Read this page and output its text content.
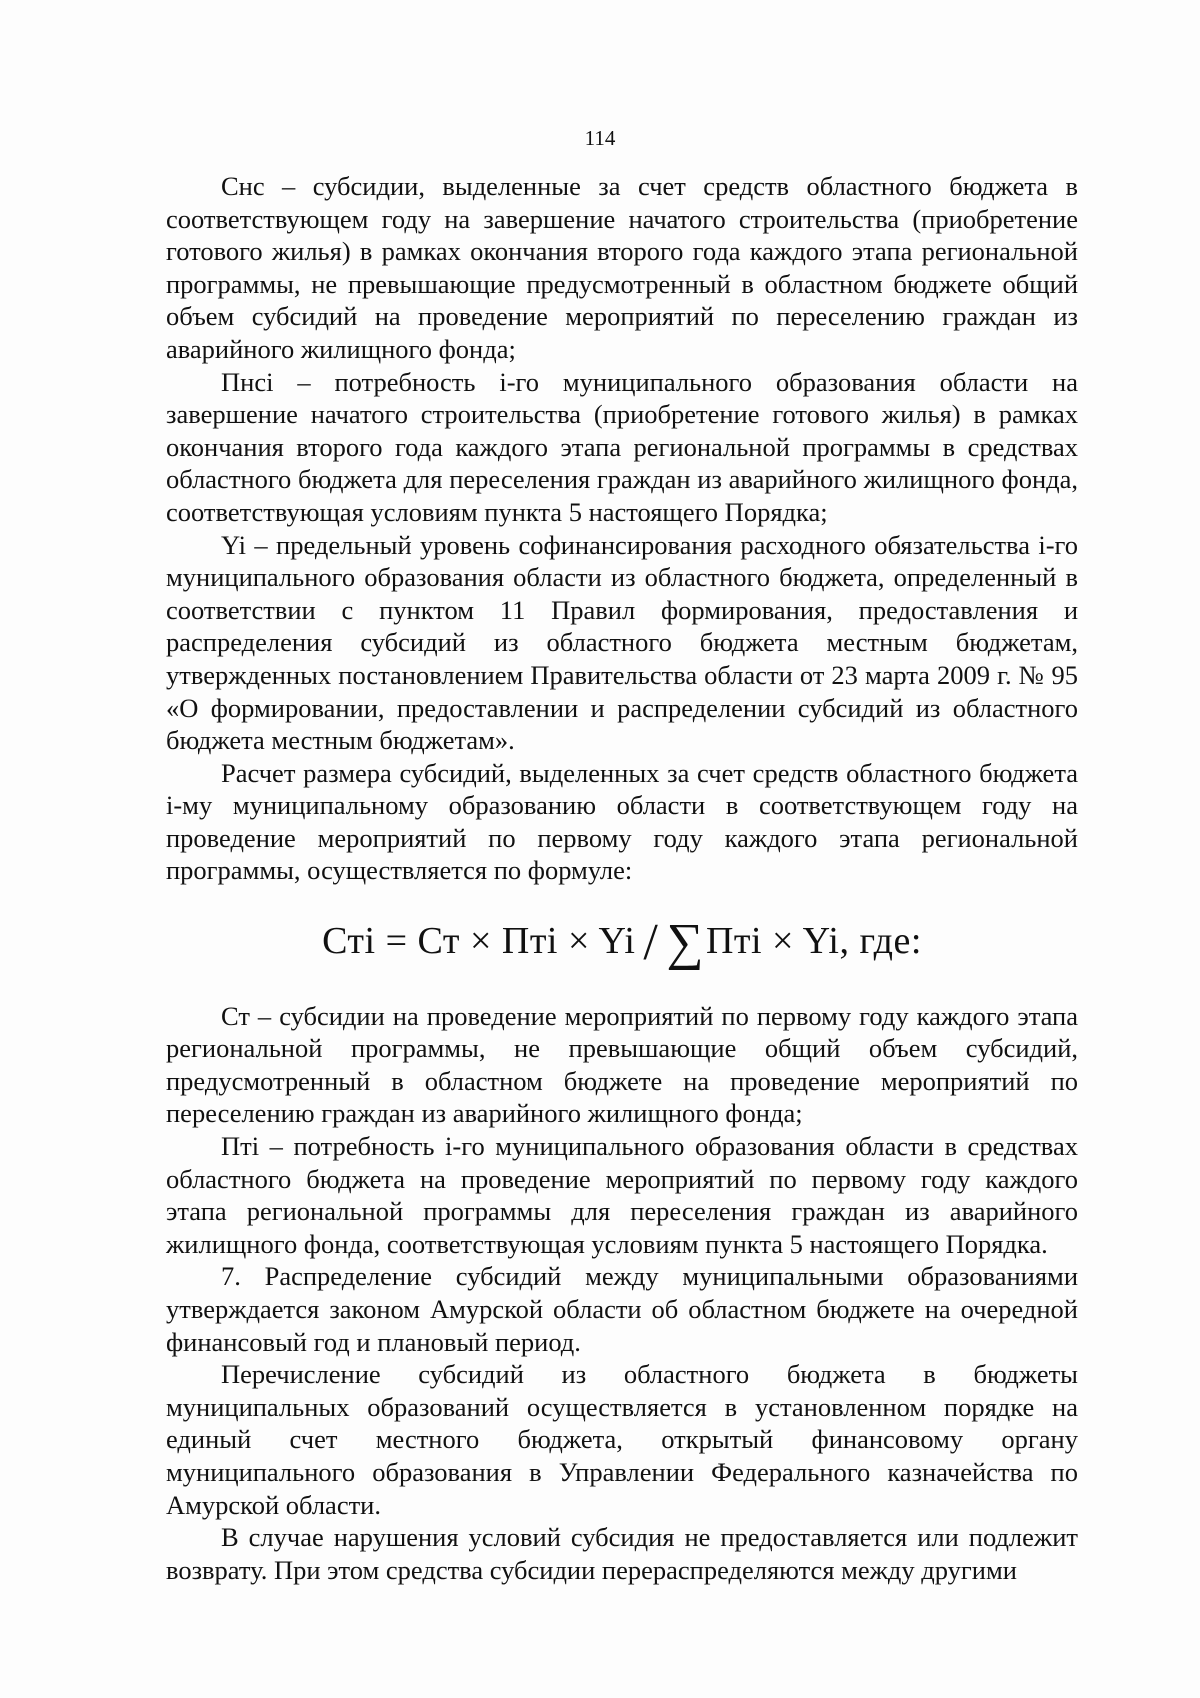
114

Снс – субсидии, выделенные за счет средств областного бюджета в соответствующем году на завершение начатого строительства (приобретение готового жилья) в рамках окончания второго года каждого этапа региональной программы, не превышающие предусмотренный в областном бюджете общий объем субсидий на проведение мероприятий по переселению граждан из аварийного жилищного фонда;

Пнсi – потребность i-го муниципального образования области на завершение начатого строительства (приобретение готового жилья) в рамках окончания второго года каждого этапа региональной программы в средствах областного бюджета для переселения граждан из аварийного жилищного фонда, соответствующая условиям пункта 5 настоящего Порядка;

Yi – предельный уровень софинансирования расходного обязательства i-го муниципального образования области из областного бюджета, определенный в соответствии с пунктом 11 Правил формирования, предоставления и распределения субсидий из областного бюджета местным бюджетам, утвержденных постановлением Правительства области от 23 марта 2009 г. № 95 «О формировании, предоставлении и распределении субсидий из областного бюджета местным бюджетам».

Расчет размера субсидий, выделенных за счет средств областного бюджета i-му муниципальному образованию области в соответствующем году на проведение мероприятий по первому году каждого этапа региональной программы, осуществляется по формуле:

Стi = Ст × Птi × Yi / ∑Птi × Yi, где:

Ст – субсидии на проведение мероприятий по первому году каждого этапа региональной программы, не превышающие общий объем субсидий, предусмотренный в областном бюджете на проведение мероприятий по переселению граждан из аварийного жилищного фонда;

Птi – потребность i-го муниципального образования области в средствах областного бюджета на проведение мероприятий по первому году каждого этапа региональной программы для переселения граждан из аварийного жилищного фонда, соответствующая условиям пункта 5 настоящего Порядка.

7. Распределение субсидий между муниципальными образованиями утверждается законом Амурской области об областном бюджете на очередной финансовый год и плановый период.

Перечисление субсидий из областного бюджета в бюджеты муниципальных образований осуществляется в установленном порядке на единый счет местного бюджета, открытый финансовому органу муниципального образования в Управлении Федерального казначейства по Амурской области.

В случае нарушения условий субсидия не предоставляется или подлежит возврату. При этом средства субсидии перераспределяются между другими
